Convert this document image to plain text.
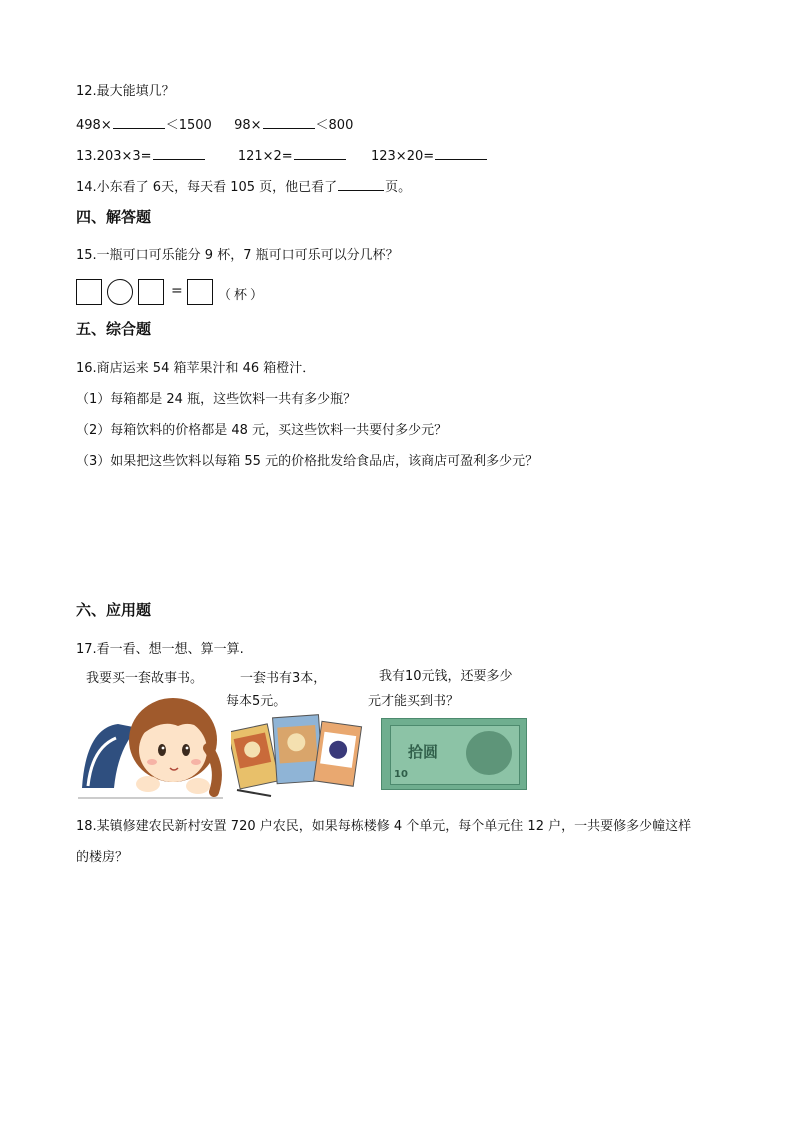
12.最大能填几？
498×	＜1500 98×	＜800
13.203×3=	121×2=	123×20=
14.小东看了 6天，每天看 105 页，他已看了	页。
四、解答题
15.一瓶可口可乐能分 9 杯，7 瓶可口可乐可以分几杯？
=	（杯）
五、综合题
16.商店运来 54 箱苹果汁和 46 箱橙汁．
（1）每箱都是 24 瓶，这些饮料一共有多少瓶？
（2）每箱饮料的价格都是 48 元，买这些饮料一共要付多少元？
（3）如果把这些饮料以每箱 55 元的价格批发给食品店，该商店可盈利多少元？
六、应用题
17.看一看、想一想、算一算.
我要买一套故事书。	一套书有3本，
每本5元。
我有10元钱，还要多少
元才能买到书？
拾圆
10
18.某镇修建农民新村安置 720 户农民，如果每栋楼修 4 个单元，每个单元住 12 户，一共要修多少幢这样
的楼房？
